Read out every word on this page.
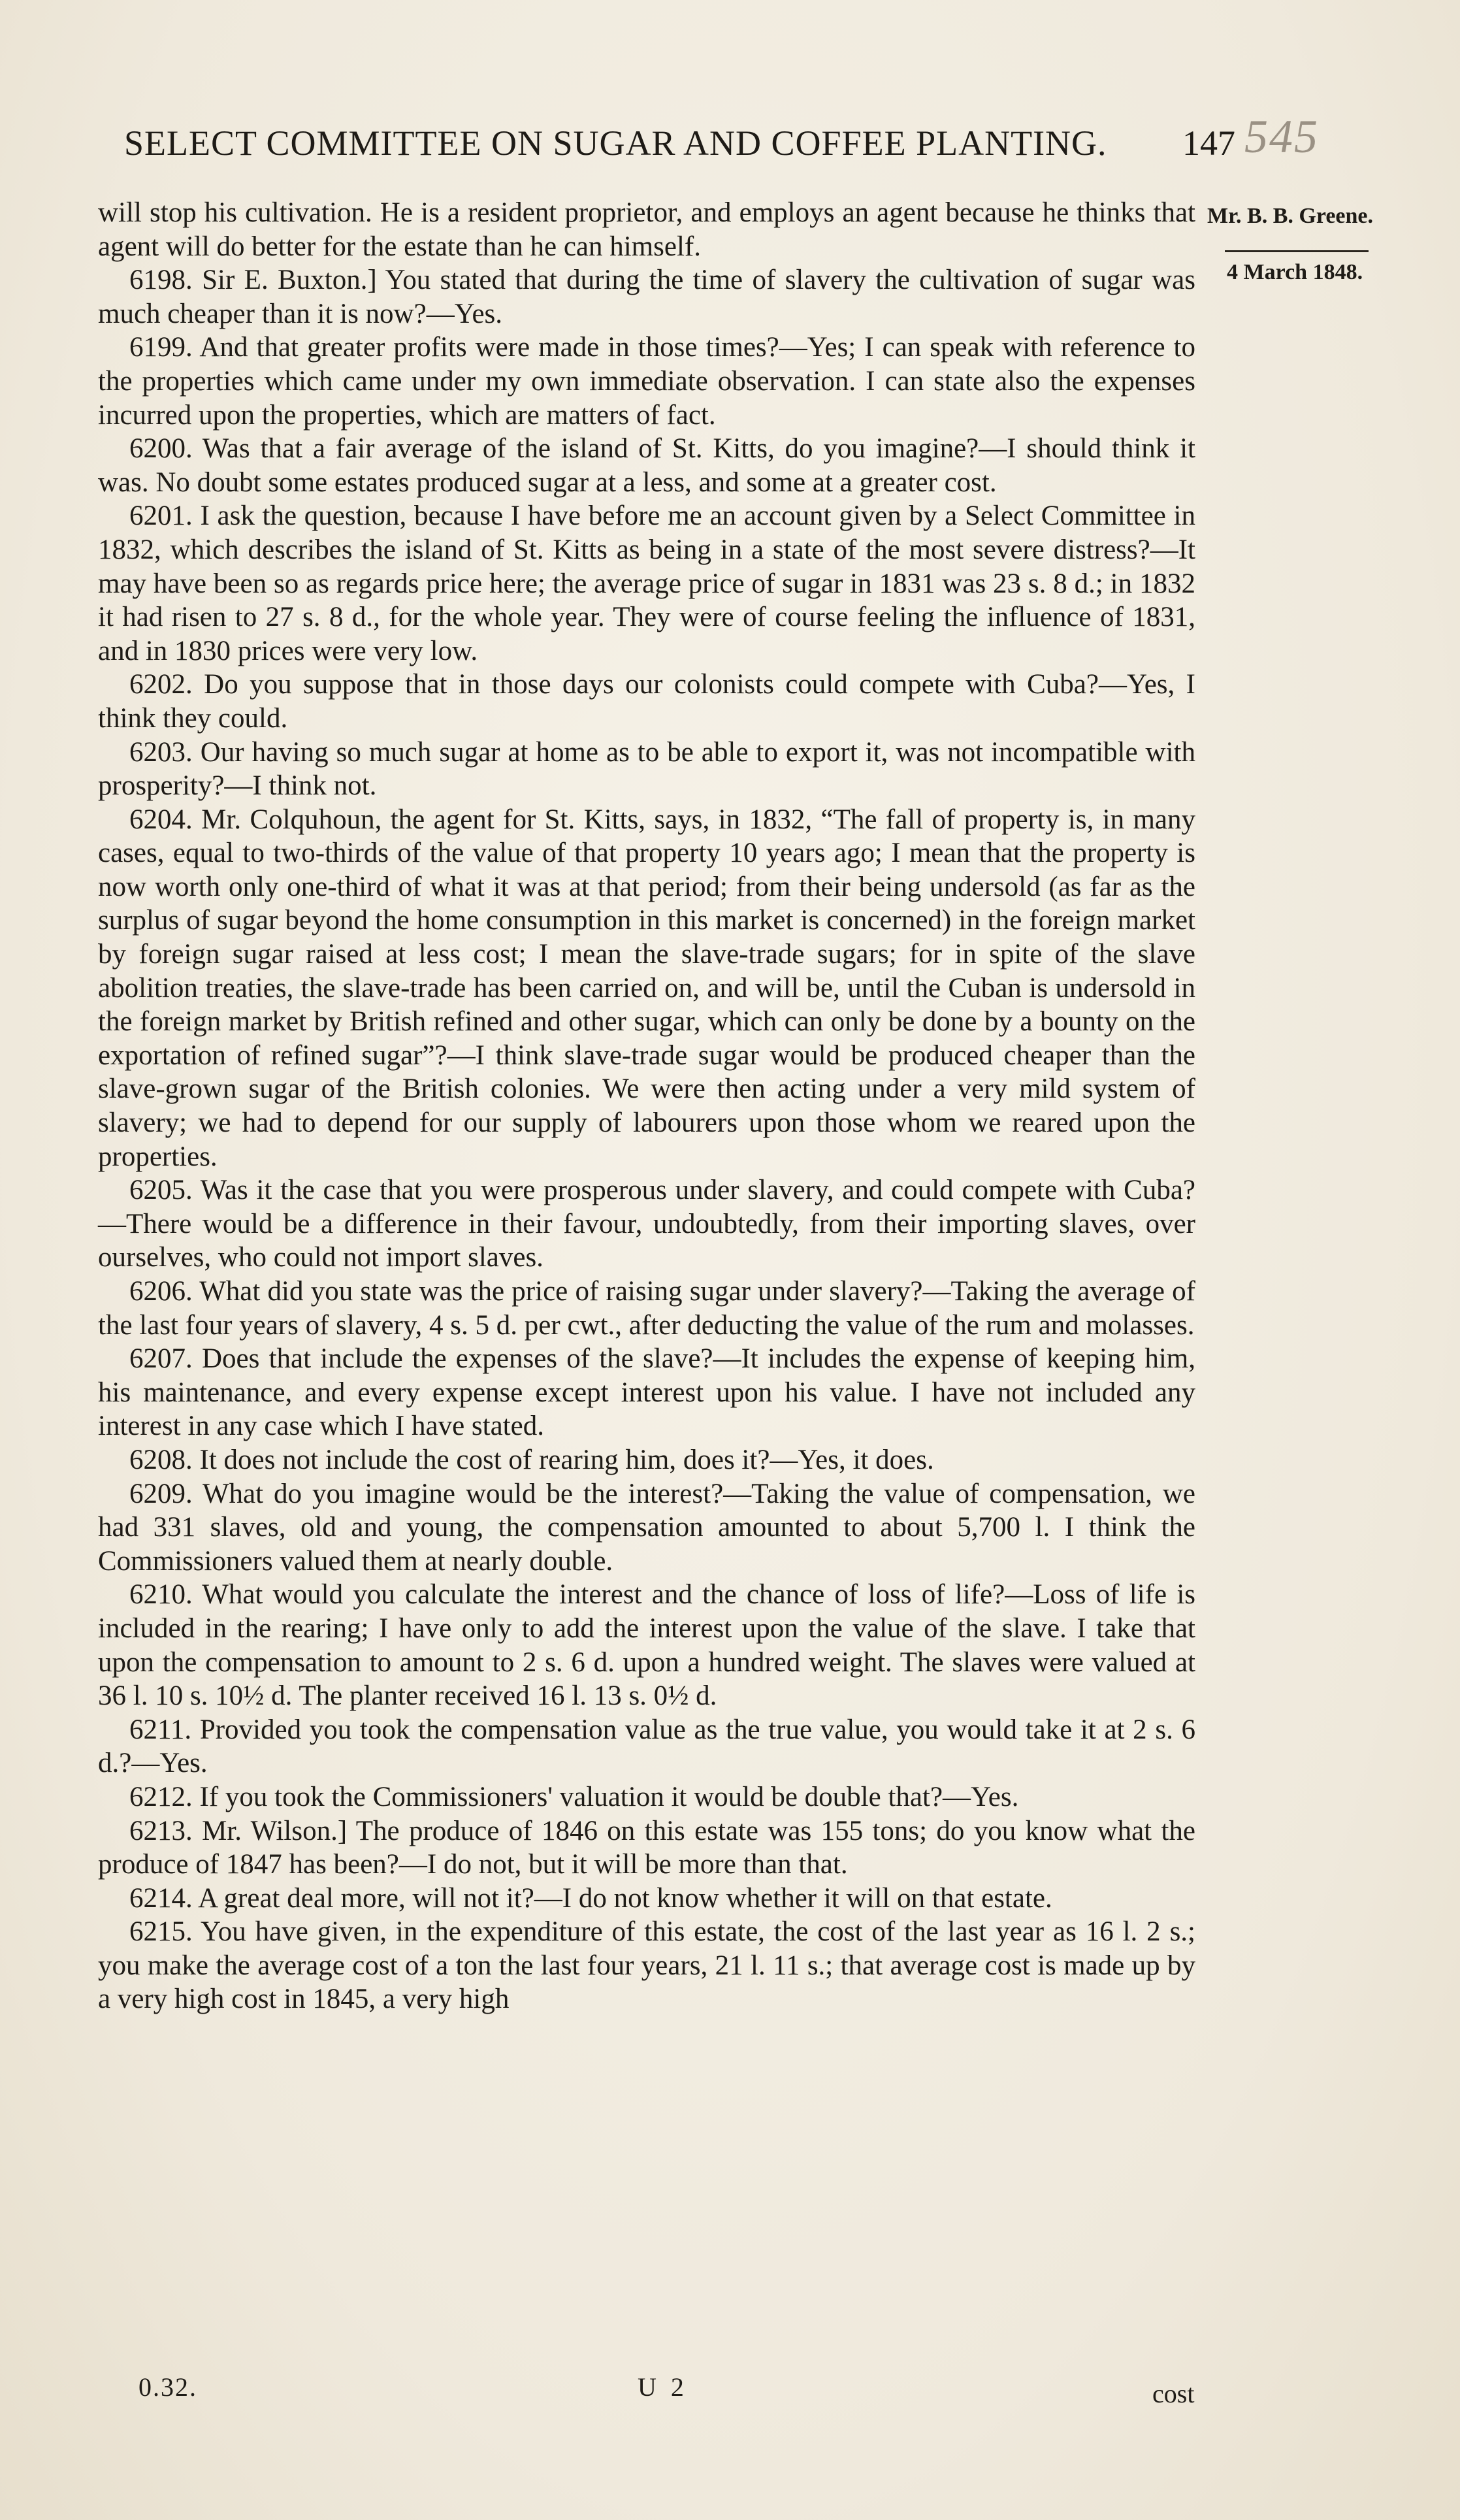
SELECT COMMITTEE ON SUGAR AND COFFEE PLANTING. 147 545
Mr. B. B. Greene.
4 March 1848.

will stop his cultivation. He is a resident proprietor, and employs an agent because he thinks that agent will do better for the estate than he can himself.

6198. Sir E. Buxton.] You stated that during the time of slavery the cultivation of sugar was much cheaper than it is now?—Yes.

6199. And that greater profits were made in those times?—Yes; I can speak with reference to the properties which came under my own immediate observation. I can state also the expenses incurred upon the properties, which are matters of fact.

6200. Was that a fair average of the island of St. Kitts, do you imagine?—I should think it was. No doubt some estates produced sugar at a less, and some at a greater cost.

6201. I ask the question, because I have before me an account given by a Select Committee in 1832, which describes the island of St. Kitts as being in a state of the most severe distress?—It may have been so as regards price here; the average price of sugar in 1831 was 23 s. 8 d.; in 1832 it had risen to 27 s. 8 d., for the whole year. They were of course feeling the influence of 1831, and in 1830 prices were very low.

6202. Do you suppose that in those days our colonists could compete with Cuba?—Yes, I think they could.

6203. Our having so much sugar at home as to be able to export it, was not incompatible with prosperity?—I think not.

6204. Mr. Colquhoun, the agent for St. Kitts, says, in 1832, “The fall of property is, in many cases, equal to two-thirds of the value of that property 10 years ago; I mean that the property is now worth only one-third of what it was at that period; from their being undersold (as far as the surplus of sugar beyond the home consumption in this market is concerned) in the foreign market by foreign sugar raised at less cost; I mean the slave-trade sugars; for in spite of the slave abolition treaties, the slave-trade has been carried on, and will be, until the Cuban is undersold in the foreign market by British refined and other sugar, which can only be done by a bounty on the exportation of refined sugar”?—I think slave-trade sugar would be produced cheaper than the slave-grown sugar of the British colonies. We were then acting under a very mild system of slavery; we had to depend for our supply of labourers upon those whom we reared upon the properties.

6205. Was it the case that you were prosperous under slavery, and could compete with Cuba?—There would be a difference in their favour, undoubtedly, from their importing slaves, over ourselves, who could not import slaves.

6206. What did you state was the price of raising sugar under slavery?—Taking the average of the last four years of slavery, 4 s. 5 d. per cwt., after deducting the value of the rum and molasses.

6207. Does that include the expenses of the slave?—It includes the expense of keeping him, his maintenance, and every expense except interest upon his value. I have not included any interest in any case which I have stated.

6208. It does not include the cost of rearing him, does it?—Yes, it does.

6209. What do you imagine would be the interest?—Taking the value of compensation, we had 331 slaves, old and young, the compensation amounted to about 5,700 l. I think the Commissioners valued them at nearly double.

6210. What would you calculate the interest and the chance of loss of life?—Loss of life is included in the rearing; I have only to add the interest upon the value of the slave. I take that upon the compensation to amount to 2 s. 6 d. upon a hundred weight. The slaves were valued at 36 l. 10 s. 10½ d. The planter received 16 l. 13 s. 0½ d.

6211. Provided you took the compensation value as the true value, you would take it at 2 s. 6 d.?—Yes.

6212. If you took the Commissioners' valuation it would be double that?—Yes.

6213. Mr. Wilson.] The produce of 1846 on this estate was 155 tons; do you know what the produce of 1847 has been?—I do not, but it will be more than that.

6214. A great deal more, will not it?—I do not know whether it will on that estate.

6215. You have given, in the expenditure of this estate, the cost of the last year as 16 l. 2 s.; you make the average cost of a ton the last four years, 21 l. 11 s.; that average cost is made up by a very high cost in 1845, a very high

0.32.	U 2	cost
